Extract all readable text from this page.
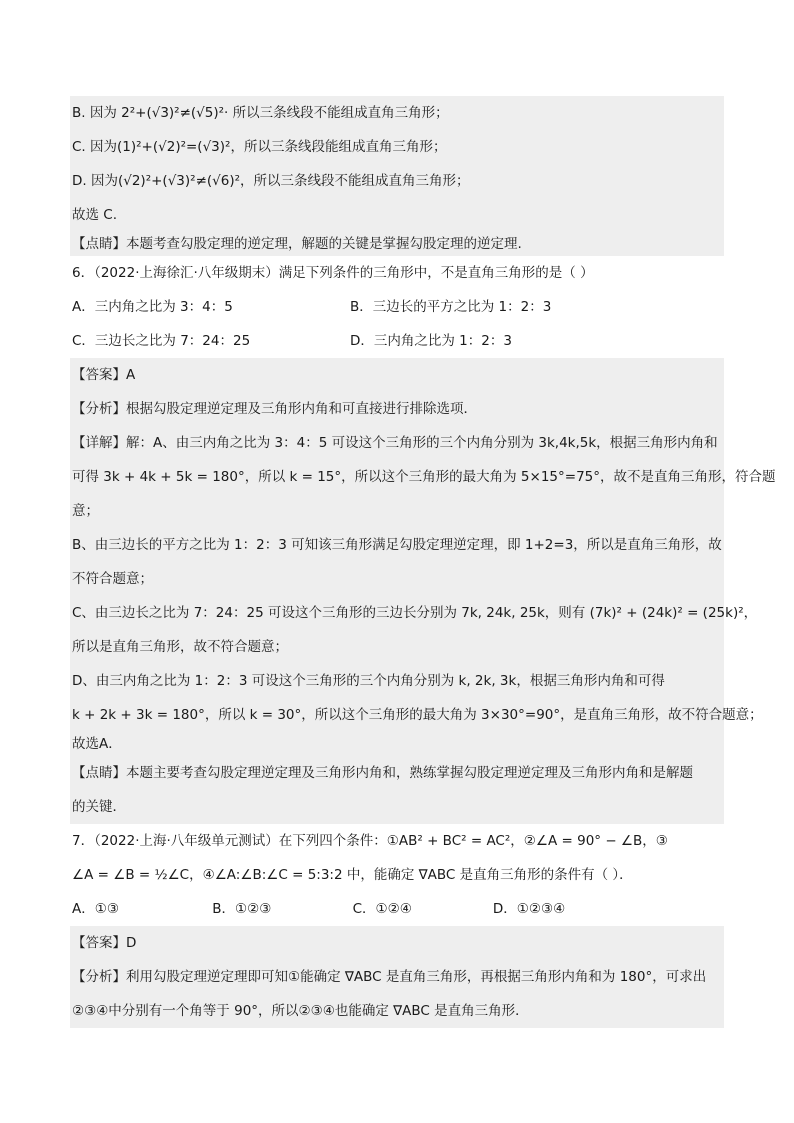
B. 因为 2²+(√3)²≠(√5)²· 所以三条线段不能组成直角三角形；
C. 因为(1)²+(√2)²=(√3)²，所以三条线段能组成直角三角形；
D. 因为(√2)²+(√3)²≠(√6)²，所以三条线段不能组成直角三角形；
故选 C.
【点睛】本题考查勾股定理的逆定理，解题的关键是掌握勾股定理的逆定理.
6．（2022·上海徐汇·八年级期末）满足下列条件的三角形中，不是直角三角形的是（ ）
A．三内角之比为 3：4：5	B．三边长的平方之比为 1：2：3
C．三边长之比为 7：24：25	D．三内角之比为 1：2：3
【答案】A
【分析】根据勾股定理逆定理及三角形内角和可直接进行排除选项．
【详解】解：A、由三内角之比为 3：4：5 可设这个三角形的三个内角分别为 3k,4k,5k，根据三角形内角和
可得 3k + 4k + 5k = 180°，所以 k = 15°，所以这个三角形的最大角为 5×15°=75°，故不是直角三角形，符合题
意；
B、由三边长的平方之比为 1：2：3 可知该三角形满足勾股定理逆定理，即 1+2=3，所以是直角三角形，故
不符合题意；
C、由三边长之比为 7：24：25 可设这个三角形的三边长分别为 7k, 24k, 25k，则有 (7k)² + (24k)² = (25k)²，
所以是直角三角形，故不符合题意；
D、由三内角之比为 1：2：3 可设这个三角形的三个内角分别为 k, 2k, 3k，根据三角形内角和可得
k + 2k + 3k = 180°，所以 k = 30°，所以这个三角形的最大角为 3×30°=90°，是直角三角形，故不符合题意；
故选A．
【点睛】本题主要考查勾股定理逆定理及三角形内角和，熟练掌握勾股定理逆定理及三角形内角和是解题
的关键．
7．（2022·上海·八年级单元测试）在下列四个条件：①AB² + BC² = AC²，②∠A = 90° − ∠B，③
∠A = ∠B = ½∠C，④∠A:∠B:∠C = 5:3:2 中，能确定 ∇ABC 是直角三角形的条件有（ ）．
A．①③	B．①②③	C．①②④	D．①②③④
【答案】D
【分析】利用勾股定理逆定理即可知①能确定 ∇ABC 是直角三角形，再根据三角形内角和为 180°，可求出
②③④中分别有一个角等于 90°，所以②③④也能确定 ∇ABC 是直角三角形．
